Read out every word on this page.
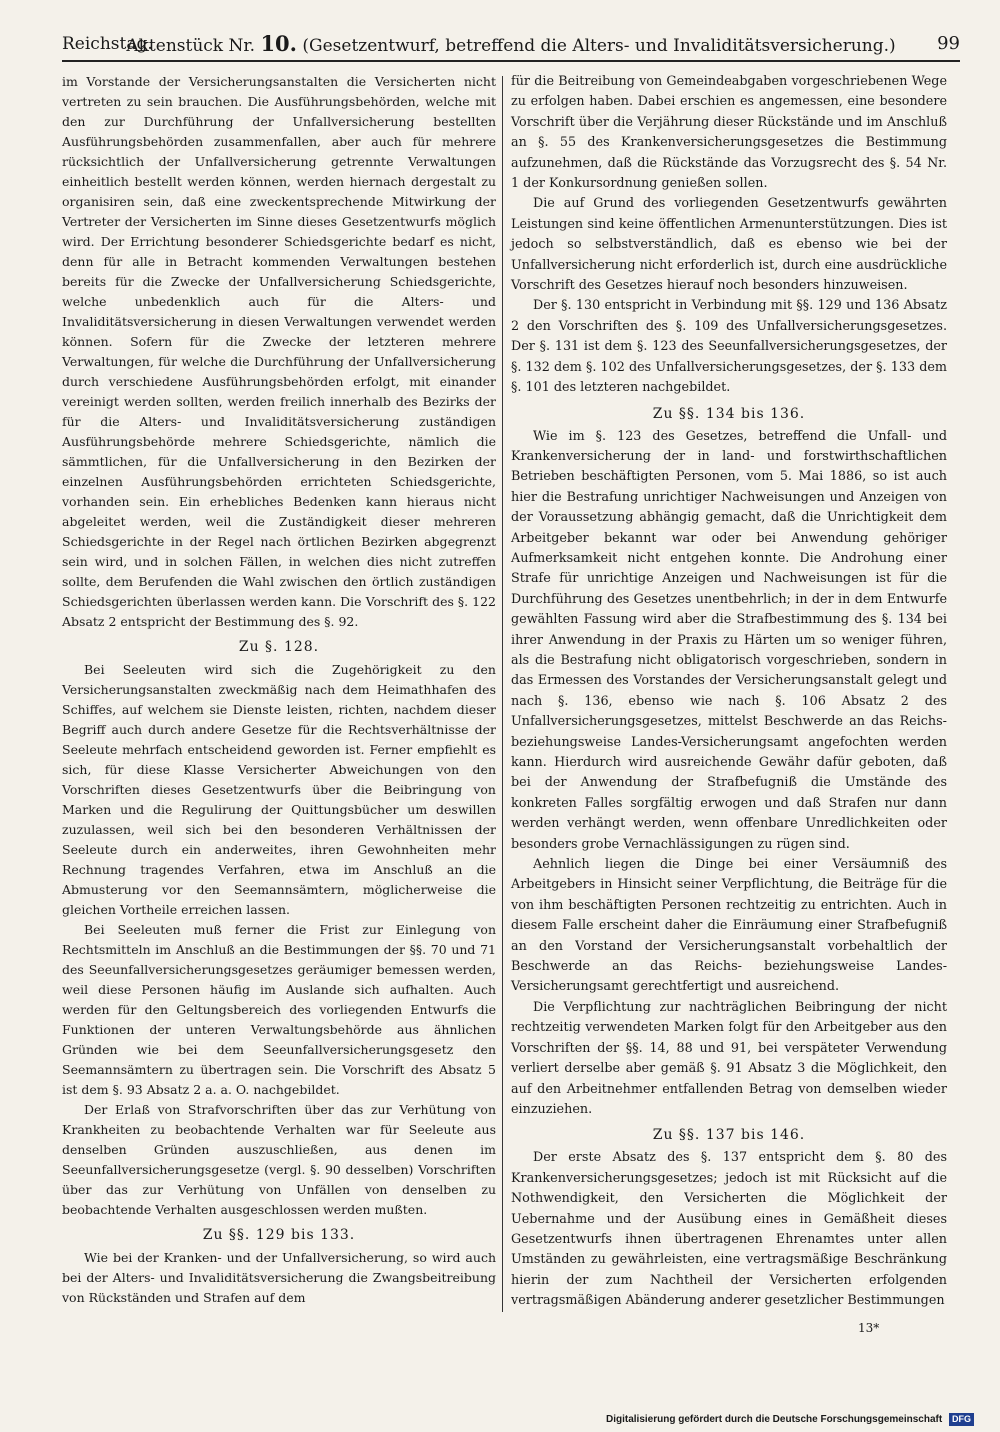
Reichstag.
Aktenstück Nr. 10. (Gesetzentwurf, betreffend die Alters- und Invaliditätsversicherung.)	99

im Vorstande der Versicherungsanstalten die Versicherten nicht vertreten zu sein brauchen. Die Ausführungsbehörden, welche mit den zur Durchführung der Unfallversicherung bestellten Ausführungsbehörden zusammenfallen, aber auch für mehrere rücksichtlich der Unfallversicherung getrennte Verwaltungen einheitlich bestellt werden können, werden hiernach dergestalt zu organisiren sein, daß eine zweckentsprechende Mitwirkung der Vertreter der Versicherten im Sinne dieses Gesetzentwurfs möglich wird. Der Errichtung besonderer Schiedsgerichte bedarf es nicht, denn für alle in Betracht kommenden Verwaltungen bestehen bereits für die Zwecke der Unfallversicherung Schiedsgerichte, welche unbedenklich auch für die Alters- und Invaliditätsversicherung in diesen Verwaltungen verwendet werden können. Sofern für die Zwecke der letzteren mehrere Verwaltungen, für welche die Durchführung der Unfallversicherung durch verschiedene Ausführungsbehörden erfolgt, mit einander vereinigt werden sollten, werden freilich innerhalb des Bezirks der für die Alters- und Invaliditätsversicherung zuständigen Ausführungsbehörde mehrere Schiedsgerichte, nämlich die sämmtlichen, für die Unfallversicherung in den Bezirken der einzelnen Ausführungsbehörden errichteten Schiedsgerichte, vorhanden sein. Ein erhebliches Bedenken kann hieraus nicht abgeleitet werden, weil die Zuständigkeit dieser mehreren Schiedsgerichte in der Regel nach örtlichen Bezirken abgegrenzt sein wird, und in solchen Fällen, in welchen dies nicht zutreffen sollte, dem Berufenden die Wahl zwischen den örtlich zuständigen Schiedsgerichten überlassen werden kann. Die Vorschrift des §. 122 Absatz 2 entspricht der Bestimmung des §. 92.

Zu §. 128.

Bei Seeleuten wird sich die Zugehörigkeit zu den Versicherungsanstalten zweckmäßig nach dem Heimathhafen des Schiffes, auf welchem sie Dienste leisten, richten, nachdem dieser Begriff auch durch andere Gesetze für die Rechtsverhältnisse der Seeleute mehrfach entscheidend geworden ist. Ferner empfiehlt es sich, für diese Klasse Versicherter Abweichungen von den Vorschriften dieses Gesetzentwurfs über die Beibringung von Marken und die Regulirung der Quittungsbücher um deswillen zuzulassen, weil sich bei den besonderen Verhältnissen der Seeleute durch ein anderweites, ihren Gewohnheiten mehr Rechnung tragendes Verfahren, etwa im Anschluß an die Abmusterung vor den Seemannsämtern, möglicherweise die gleichen Vortheile erreichen lassen.

Bei Seeleuten muß ferner die Frist zur Einlegung von Rechtsmitteln im Anschluß an die Bestimmungen der §§. 70 und 71 des Seeunfallversicherungsgesetzes geräumiger bemessen werden, weil diese Personen häufig im Auslande sich aufhalten. Auch werden für den Geltungsbereich des vorliegenden Entwurfs die Funktionen der unteren Verwaltungsbehörde aus ähnlichen Gründen wie bei dem Seeunfallversicherungsgesetz den Seemannsämtern zu übertragen sein. Die Vorschrift des Absatz 5 ist dem §. 93 Absatz 2 a. a. O. nachgebildet.

Der Erlaß von Strafvorschriften über das zur Verhütung von Krankheiten zu beobachtende Verhalten war für Seeleute aus denselben Gründen auszuschließen, aus denen im Seeunfallversicherungsgesetze (vergl. §. 90 desselben) Vorschriften über das zur Verhütung von Unfällen von denselben zu beobachtende Verhalten ausgeschlossen werden mußten.

Zu §§. 129 bis 133.

Wie bei der Kranken- und der Unfallversicherung, so wird auch bei der Alters- und Invaliditätsversicherung die Zwangsbeitreibung von Rückständen und Strafen auf dem

für die Beitreibung von Gemeindeabgaben vorgeschriebenen Wege zu erfolgen haben. Dabei erschien es angemessen, eine besondere Vorschrift über die Verjährung dieser Rückstände und im Anschluß an §. 55 des Krankenversicherungsgesetzes die Bestimmung aufzunehmen, daß die Rückstände das Vorzugsrecht des §. 54 Nr. 1 der Konkursordnung genießen sollen.

Die auf Grund des vorliegenden Gesetzentwurfs gewährten Leistungen sind keine öffentlichen Armenunterstützungen. Dies ist jedoch so selbstverständlich, daß es ebenso wie bei der Unfallversicherung nicht erforderlich ist, durch eine ausdrückliche Vorschrift des Gesetzes hierauf noch besonders hinzuweisen.

Der §. 130 entspricht in Verbindung mit §§. 129 und 136 Absatz 2 den Vorschriften des §. 109 des Unfallversicherungsgesetzes. Der §. 131 ist dem §. 123 des Seeunfallversicherungsgesetzes, der §. 132 dem §. 102 des Unfallversicherungsgesetzes, der §. 133 dem §. 101 des letzteren nachgebildet.

Zu §§. 134 bis 136.

Wie im §. 123 des Gesetzes, betreffend die Unfall- und Krankenversicherung der in land- und forstwirthschaftlichen Betrieben beschäftigten Personen, vom 5. Mai 1886, so ist auch hier die Bestrafung unrichtiger Nachweisungen und Anzeigen von der Voraussetzung abhängig gemacht, daß die Unrichtigkeit dem Arbeitgeber bekannt war oder bei Anwendung gehöriger Aufmerksamkeit nicht entgehen konnte. Die Androhung einer Strafe für unrichtige Anzeigen und Nachweisungen ist für die Durchführung des Gesetzes unentbehrlich; in der in dem Entwurfe gewählten Fassung wird aber die Strafbestimmung des §. 134 bei ihrer Anwendung in der Praxis zu Härten um so weniger führen, als die Bestrafung nicht obligatorisch vorgeschrieben, sondern in das Ermessen des Vorstandes der Versicherungsanstalt gelegt und nach §. 136, ebenso wie nach §. 106 Absatz 2 des Unfallversicherungsgesetzes, mittelst Beschwerde an das Reichs- beziehungsweise Landes-Versicherungsamt angefochten werden kann. Hierdurch wird ausreichende Gewähr dafür geboten, daß bei der Anwendung der Strafbefugniß die Umstände des konkreten Falles sorgfältig erwogen und daß Strafen nur dann werden verhängt werden, wenn offenbare Unredlichkeiten oder besonders grobe Vernachlässigungen zu rügen sind.

Aehnlich liegen die Dinge bei einer Versäumniß des Arbeitgebers in Hinsicht seiner Verpflichtung, die Beiträge für die von ihm beschäftigten Personen rechtzeitig zu entrichten. Auch in diesem Falle erscheint daher die Einräumung einer Strafbefugniß an den Vorstand der Versicherungsanstalt vorbehaltlich der Beschwerde an das Reichs- beziehungsweise Landes-Versicherungsamt gerechtfertigt und ausreichend.

Die Verpflichtung zur nachträglichen Beibringung der nicht rechtzeitig verwendeten Marken folgt für den Arbeitgeber aus den Vorschriften der §§. 14, 88 und 91, bei verspäteter Verwendung verliert derselbe aber gemäß §. 91 Absatz 3 die Möglichkeit, den auf den Arbeitnehmer entfallenden Betrag von demselben wieder einzuziehen.

Zu §§. 137 bis 146.

Der erste Absatz des §. 137 entspricht dem §. 80 des Krankenversicherungsgesetzes; jedoch ist mit Rücksicht auf die Nothwendigkeit, den Versicherten die Möglichkeit der Uebernahme und der Ausübung eines in Gemäßheit dieses Gesetzentwurfs ihnen übertragenen Ehrenamtes unter allen Umständen zu gewährleisten, eine vertragsmäßige Beschränkung hierin der zum Nachtheil der Versicherten erfolgenden vertragsmäßigen Abänderung anderer gesetzlicher Bestimmungen

13*
Digitalisierung gefördert durch die Deutsche Forschungsgemeinschaft DFG
